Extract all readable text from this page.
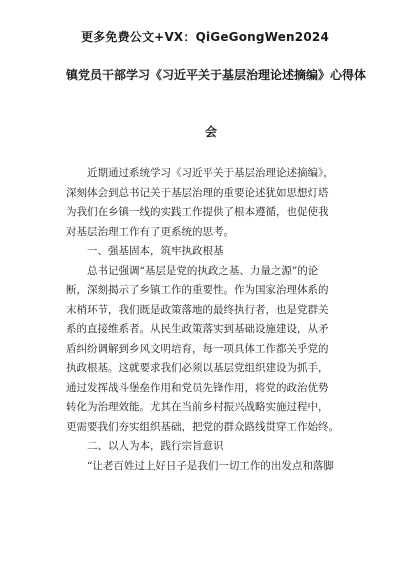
更多免费公文+VX：QiGeGongWen2024
镇党员干部学习《习近平关于基层治理论述摘编》心得体
会
近期通过系统学习《习近平关于基层治理论述摘编》，
深刻体会到总书记关于基层治理的重要论述犹如思想灯塔
为我们在乡镇一线的实践工作提供了根本遵循，也促使我
对基层治理工作有了更系统的思考。
一、强基固本，筑牢执政根基
总书记强调“基层是党的执政之基、力量之源”的论
断，深刻揭示了乡镇工作的重要性。作为国家治理体系的
末梢环节，我们既是政策落地的最终执行者，也是党群关
系的直接维系者。从民生政策落实到基础设施建设，从矛
盾纠纷调解到乡风文明培育，每一项具体工作都关乎党的
执政根基。这就要求我们必须以基层党组织建设为抓手，
通过发挥战斗堡垒作用和党员先锋作用，将党的政治优势
转化为治理效能。尤其在当前乡村振兴战略实施过程中，
更需要我们夯实组织基础，把党的群众路线贯穿工作始终。
二、以人为本，践行宗旨意识
“让老百姓过上好日子是我们一切工作的出发点和落脚
